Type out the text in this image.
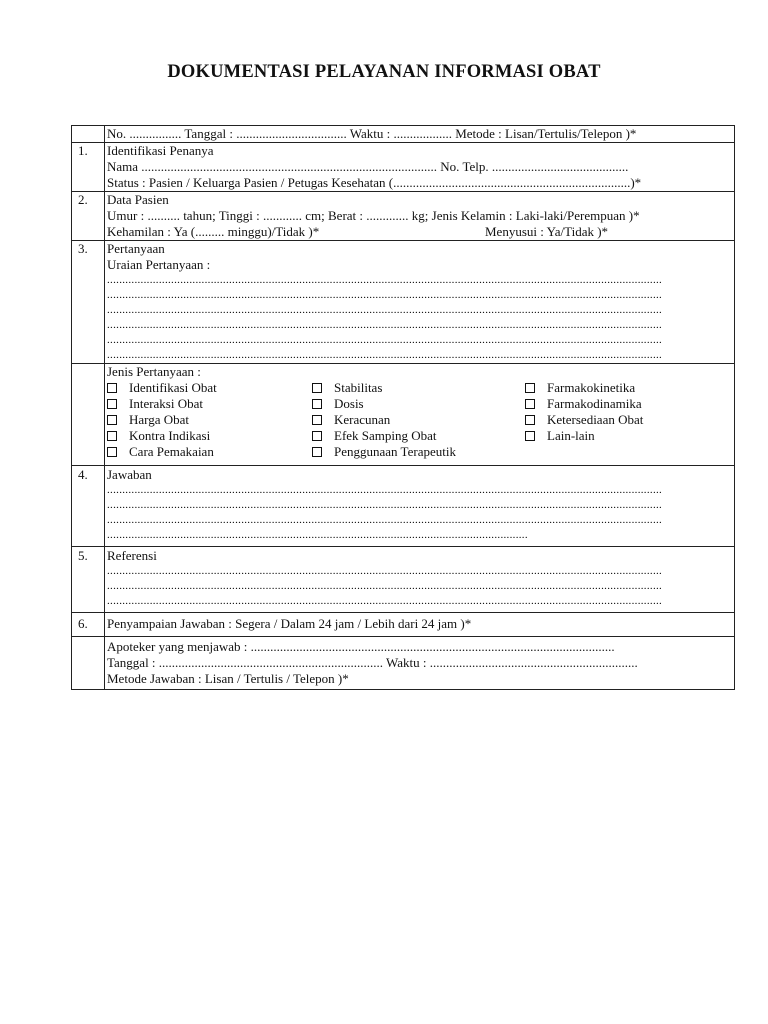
DOKUMENTASI PELAYANAN INFORMASI OBAT
No. ................ Tanggal : .................................. Waktu : .................. Metode : Lisan/Tertulis/Telepon )*
1.	Identifikasi Penanya
Nama ........................................................................................... No. Telp. ..........................................
Status : Pasien / Keluarga Pasien / Petugas Kesehatan (.........................................................................)*
2.	Data Pasien
Umur : .......... tahun; Tinggi : ............ cm; Berat : ............. kg; Jenis Kelamin : Laki-laki/Perempuan )*
Kehamilan : Ya (......... minggu)/Tidak )*	Menyusui : Ya/Tidak )*
3.	Pertanyaan
Uraian Pertanyaan :
......................................................................................................................................................................................
......................................................................................................................................................................................
......................................................................................................................................................................................
......................................................................................................................................................................................
......................................................................................................................................................................................
......................................................................................................................................................................................
Jenis Pertanyaan :
Identifikasi Obat	Stabilitas	Farmakokinetika
Interaksi Obat	Dosis	Farmakodinamika
Harga Obat	Keracunan	Ketersediaan Obat
Kontra Indikasi	Efek Samping Obat	Lain-lain
Cara Pemakaian	Penggunaan Terapeutik
4.	Jawaban
......................................................................................................................................................................................
......................................................................................................................................................................................
......................................................................................................................................................................................
..........................................................................................................................................
5.	Referensi
......................................................................................................................................................................................
......................................................................................................................................................................................
......................................................................................................................................................................................
6.	Penyampaian Jawaban : Segera / Dalam 24 jam / Lebih dari 24 jam )*
Apoteker yang menjawab : ................................................................................................................
Tanggal : ..................................................................... Waktu : ................................................................
Metode Jawaban : Lisan / Tertulis / Telepon )*
